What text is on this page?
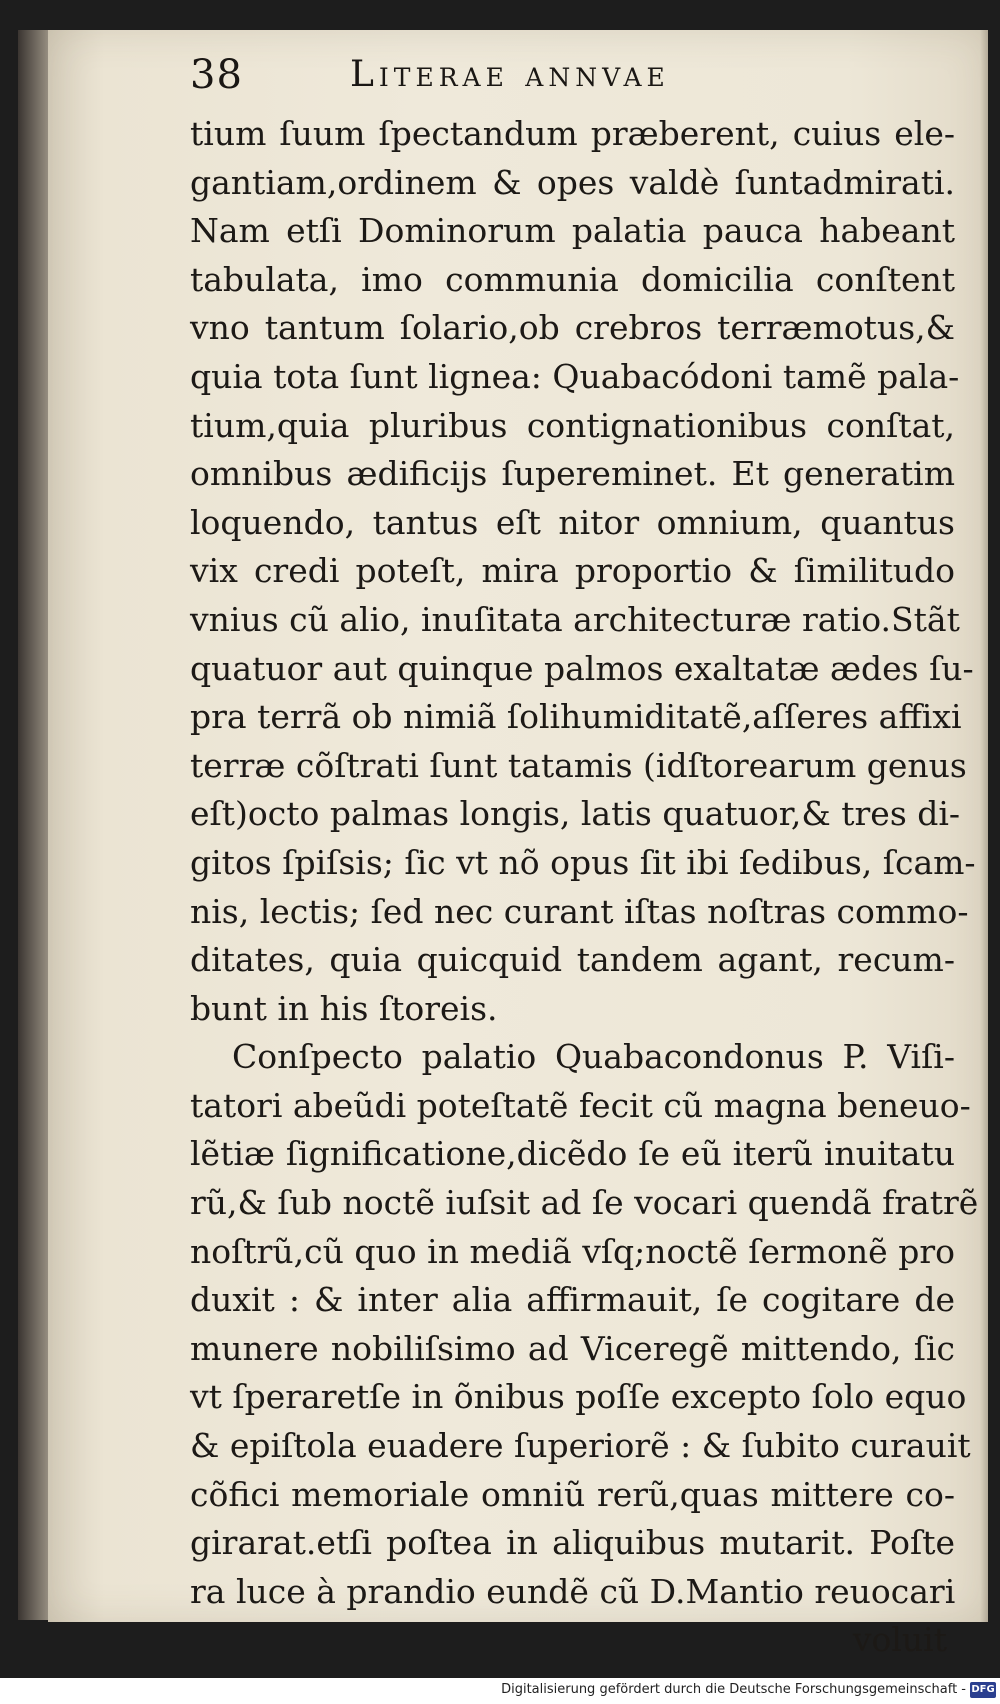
38	Literae annvae
tium ſuum ſpectandum præberent, cuius ele-
gantiam,ordinem & opes valdè ſuntadmirati.
Nam etſi Dominorum palatia pauca habeant
tabulata, imo communia domicilia conſtent
vno tantum ſolario,ob crebros terræmotus,&
quia tota ſunt lignea: Quabacódoni tamẽ pala-
tium,quia pluribus contignationibus conſtat,
omnibus ædificijs ſupereminet. Et generatim
loquendo, tantus eſt nitor omnium, quantus
vix credi poteſt, mira proportio & ſimilitudo
vnius cũ alio, inuſitata architecturæ ratio.Stãt
quatuor aut quinque palmos exaltatæ ædes ſu-
pra terrã ob nimiã ſolihumiditatẽ,aſſeres affixi
terræ cõſtrati ſunt tatamis (idſtorearum genus
eſt)octo palmas longis, latis quatuor,& tres di-
gitos ſpiſsis; ſic vt nõ opus ſit ibi ſedibus, ſcam-
nis, lectis; ſed nec curant iſtas noſtras commo-
ditates, quia quicquid tandem agant, recum-
bunt in his ſtoreis.
Conſpecto palatio Quabacondonus P. Viſi-
tatori abeũdi poteſtatẽ fecit cũ magna beneuo-
lẽtiæ ſignificatione,dicẽdo ſe eũ iterũ inuitatu
rũ,& ſub noctẽ iuſsit ad ſe vocari quendã fratrẽ
noſtrũ,cũ quo in mediã vſq;noctẽ ſermonẽ pro
duxit : & inter alia affirmauit, ſe cogitare de
munere nobiliſsimo ad Viceregẽ mittendo, ſic
vt ſperaretſe in õnibus poſſe excepto ſolo equo
& epiſtola euadere ſuperiorẽ : & ſubito curauit
cõfici memoriale omniũ rerũ,quas mittere co-
girarat.etſi poſtea in aliquibus mutarit. Poſte
ra luce à prandio eundẽ cũ D.Mantio reuocari
voluit
Digitalisierung gefördert durch die Deutsche Forschungsgemeinschaft - DFG
